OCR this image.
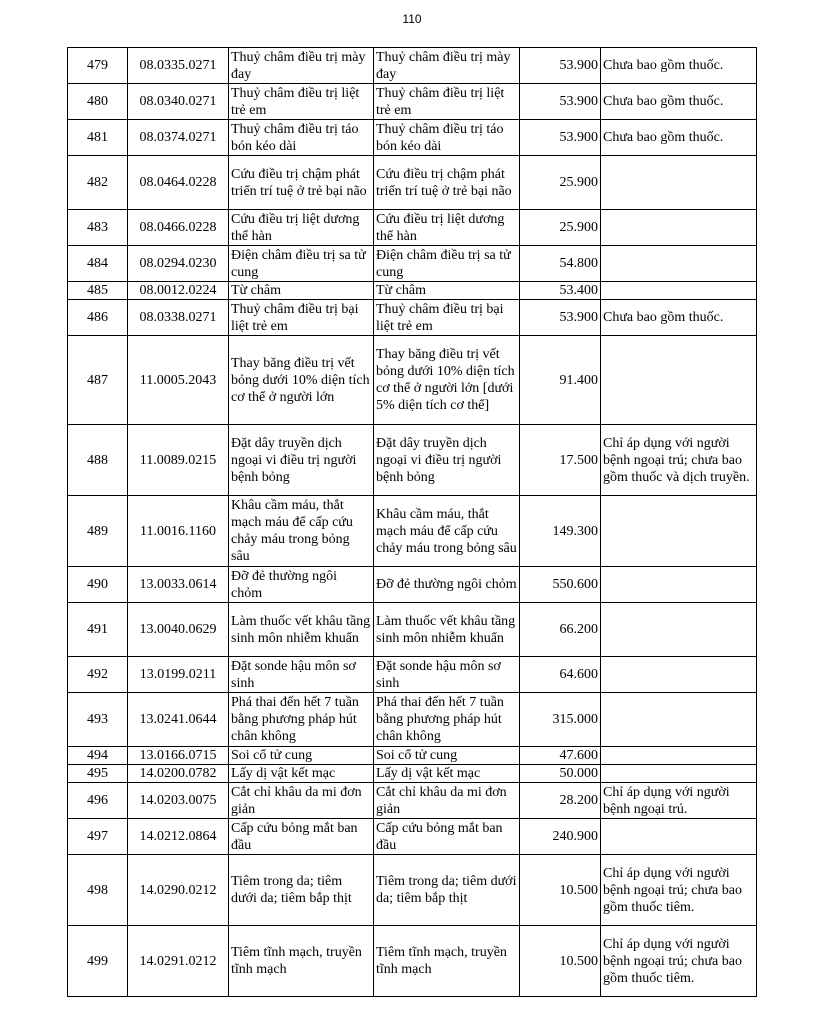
110
479	08.0335.0271	Thuỷ châm điều trị mày đay	Thuỷ châm điều trị mày đay	53.900	Chưa bao gồm thuốc.
480	08.0340.0271	Thuỷ châm điều trị liệt trẻ em	Thuỷ châm điều trị liệt trẻ em	53.900	Chưa bao gồm thuốc.
481	08.0374.0271	Thuỷ châm điều trị táo bón kéo dài	Thuỷ châm điều trị táo bón kéo dài	53.900	Chưa bao gồm thuốc.
482	08.0464.0228	Cứu điều trị chậm phát triển trí tuệ ở trẻ bại não	Cứu điều trị chậm phát triển trí tuệ ở trẻ bại não	25.900	
483	08.0466.0228	Cứu điều trị liệt dương thể hàn	Cứu điều trị liệt dương thể hàn	25.900	
484	08.0294.0230	Điện châm điều trị sa tử cung	Điện châm điều trị sa tử cung	54.800	
485	08.0012.0224	Từ châm	Từ châm	53.400	
486	08.0338.0271	Thuỷ châm điều trị bại liệt trẻ em	Thuỷ châm điều trị bại liệt trẻ em	53.900	Chưa bao gồm thuốc.
487	11.0005.2043	Thay băng điều trị vết bỏng dưới 10% diện tích cơ thể ở người lớn	Thay băng điều trị vết bỏng dưới 10% diện tích cơ thể ở người lớn [dưới 5% diện tích cơ thể]	91.400	
488	11.0089.0215	Đặt dây truyền dịch ngoại vi điều trị người bệnh bỏng	Đặt dây truyền dịch ngoại vi điều trị người bệnh bỏng	17.500	Chỉ áp dụng với người bệnh ngoại trú; chưa bao gồm thuốc và dịch truyền.
489	11.0016.1160	Khâu cầm máu, thắt mạch máu để cấp cứu chảy máu trong bỏng sâu	Khâu cầm máu, thắt mạch máu để cấp cứu chảy máu trong bỏng sâu	149.300	
490	13.0033.0614	Đỡ đẻ thường ngôi chỏm	Đỡ đẻ thường ngôi chỏm	550.600	
491	13.0040.0629	Làm thuốc vết khâu tầng sinh môn nhiễm khuẩn	Làm thuốc vết khâu tầng sinh môn nhiễm khuẩn	66.200	
492	13.0199.0211	Đặt sonde hậu môn sơ sinh	Đặt sonde hậu môn sơ sinh	64.600	
493	13.0241.0644	Phá thai đến hết 7 tuần bằng phương pháp hút chân không	Phá thai đến hết 7 tuần bằng phương pháp hút chân không	315.000	
494	13.0166.0715	Soi cổ tử cung	Soi cổ tử cung	47.600	
495	14.0200.0782	Lấy dị vật kết mạc	Lấy dị vật kết mạc	50.000	
496	14.0203.0075	Cắt chỉ khâu da mi đơn giản	Cắt chỉ khâu da mi đơn giản	28.200	Chỉ áp dụng với người bệnh ngoại trú.
497	14.0212.0864	Cấp cứu bỏng mắt ban đầu	Cấp cứu bỏng mắt ban đầu	240.900	
498	14.0290.0212	Tiêm trong da; tiêm dưới da; tiêm bắp thịt	Tiêm trong da; tiêm dưới da; tiêm bắp thịt	10.500	Chỉ áp dụng với người bệnh ngoại trú; chưa bao gồm thuốc tiêm.
499	14.0291.0212	Tiêm tĩnh mạch, truyền tĩnh mạch	Tiêm tĩnh mạch, truyền tĩnh mạch	10.500	Chỉ áp dụng với người bệnh ngoại trú; chưa bao gồm thuốc tiêm.
